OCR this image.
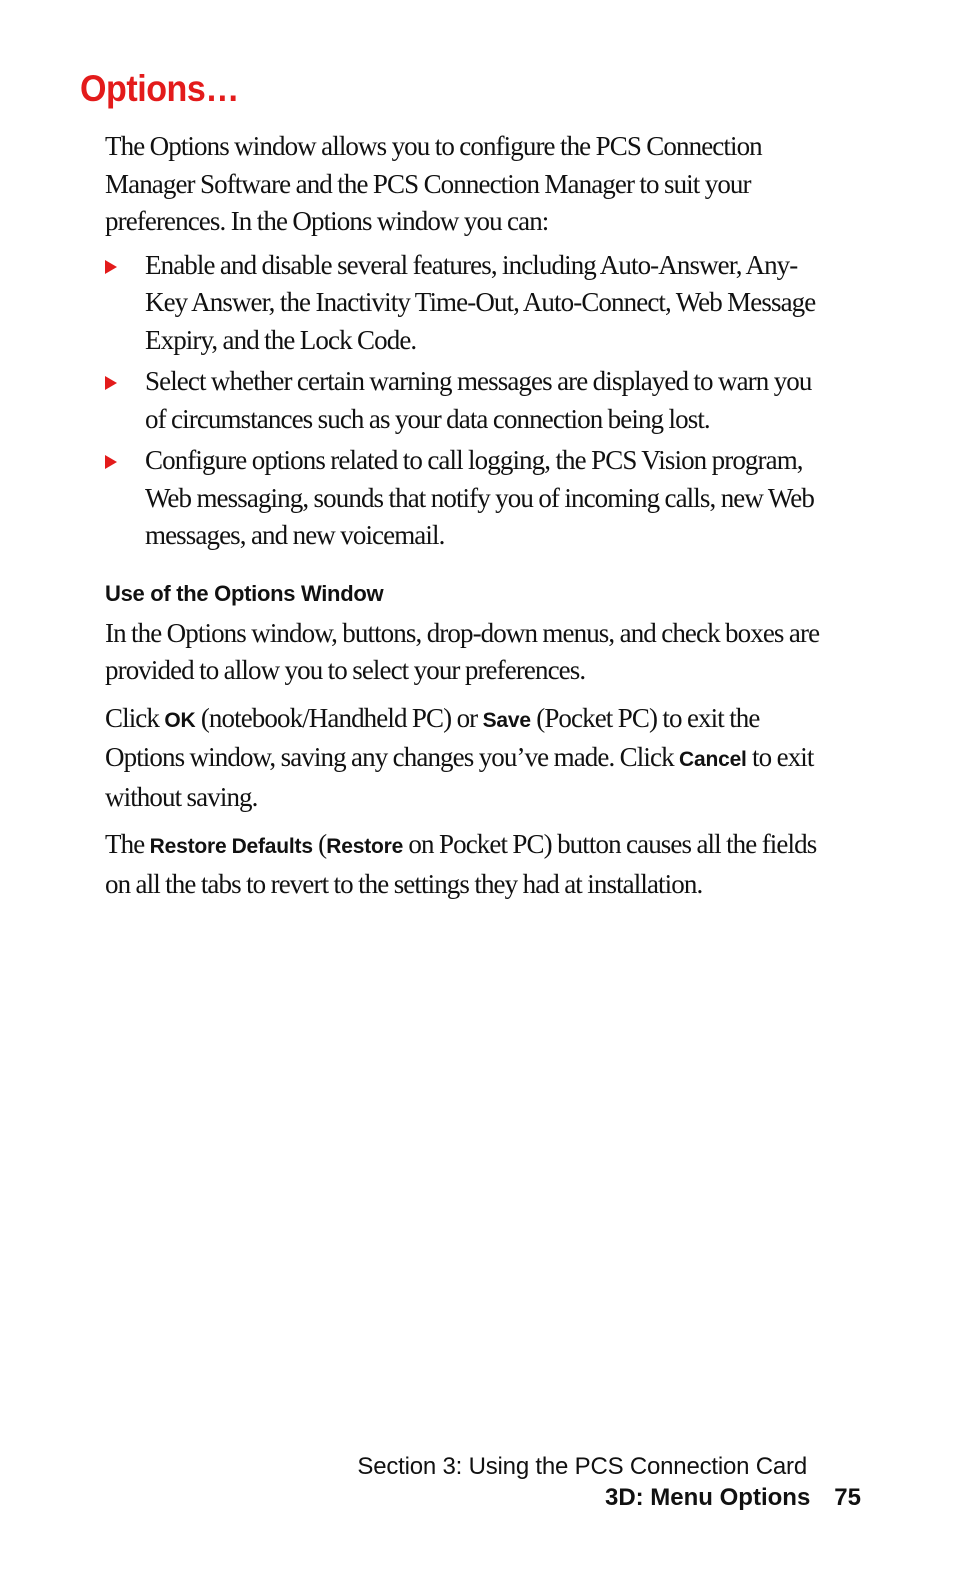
Options…

The Options window allows you to configure the PCS Connection Manager Software and the PCS Connection Manager to suit your preferences. In the Options window you can:

Enable and disable several features, including Auto-Answer, Any-Key Answer, the Inactivity Time-Out, Auto-Connect, Web Message Expiry, and the Lock Code.
Select whether certain warning messages are displayed to warn you of circumstances such as your data connection being lost.
Configure options related to call logging, the PCS Vision program, Web messaging, sounds that notify you of incoming calls, new Web messages, and new voicemail.
Use of the Options Window

In the Options window, buttons, drop-down menus, and check boxes are provided to allow you to select your preferences.

Click OK (notebook/Handheld PC) or Save (Pocket PC) to exit the Options window, saving any changes you’ve made. Click Cancel to exit without saving.

The Restore Defaults (Restore on Pocket PC) button causes all the fields on all the tabs to revert to the settings they had at installation.

Section 3: Using the PCS Connection Card
3D: Menu Options 75
